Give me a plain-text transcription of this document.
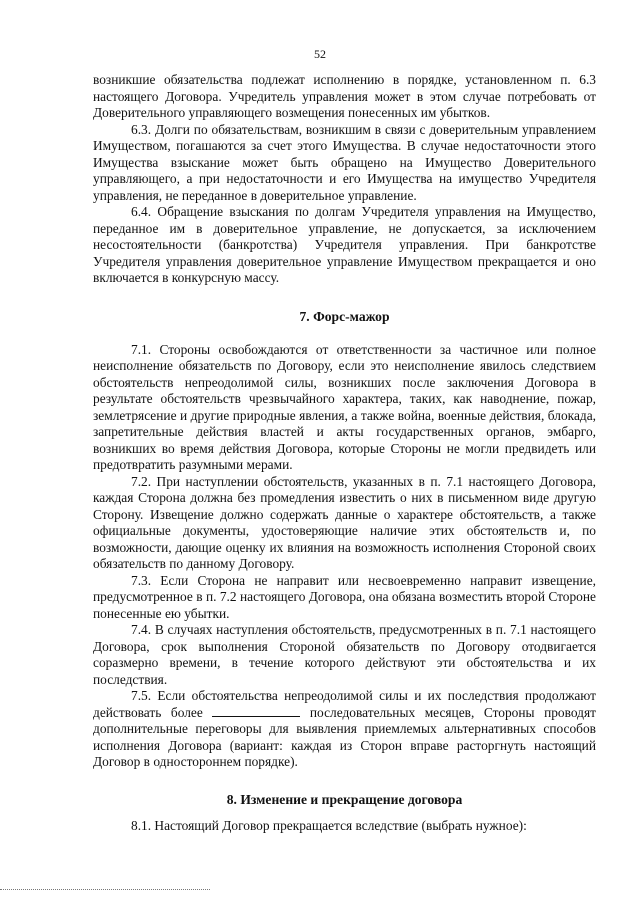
52

возникшие обязательства подлежат исполнению в порядке, установленном п. 6.3 настоящего Договора. Учредитель управления может в этом случае потребовать от Доверительного управляющего возмещения понесенных им убытков.

6.3. Долги по обязательствам, возникшим в связи с доверительным управлением Имуществом, погашаются за счет этого Имущества. В случае недостаточности этого Имущества взыскание может быть обращено на Имущество Доверительного управляющего, а при недостаточности и его Имущества на имущество Учредителя управления, не переданное в доверительное управление.

6.4. Обращение взыскания по долгам Учредителя управления на Имущество, переданное им в доверительное управление, не допускается, за исключением несостоятельности (банкротства) Учредителя управления. При банкротстве Учредителя управления доверительное управление Имуществом прекращается и оно включается в конкурсную массу.

7. Форс-мажор

7.1. Стороны освобождаются от ответственности за частичное или полное неисполнение обязательств по Договору, если это неисполнение явилось следствием обстоятельств непреодолимой силы, возникших после заключения Договора в результате обстоятельств чрезвычайного характера, таких, как наводнение, пожар, землетрясение и другие природные явления, а также война, военные действия, блокада, запретительные действия властей и акты государственных органов, эмбарго, возникших во время действия Договора, которые Стороны не могли предвидеть или предотвратить разумными мерами.

7.2. При наступлении обстоятельств, указанных в п. 7.1 настоящего Договора, каждая Сторона должна без промедления известить о них в письменном виде другую Сторону. Извещение должно содержать данные о характере обстоятельств, а также официальные документы, удостоверяющие наличие этих обстоятельств и, по возможности, дающие оценку их влияния на возможность исполнения Стороной своих обязательств по данному Договору.

7.3. Если Сторона не направит или несвоевременно направит извещение, предусмотренное в п. 7.2 настоящего Договора, она обязана возместить второй Стороне понесенные ею убытки.

7.4. В случаях наступления обстоятельств, предусмотренных в п. 7.1 настоящего Договора, срок выполнения Стороной обязательств по Договору отодвигается соразмерно времени, в течение которого действуют эти обстоятельства и их последствия.

7.5. Если обстоятельства непреодолимой силы и их последствия продолжают действовать более	последовательных месяцев, Стороны проводят дополнительные переговоры для выявления приемлемых альтернативных способов исполнения Договора (вариант: каждая из Сторон вправе расторгнуть настоящий Договор в одностороннем порядке).

8. Изменение и прекращение договора

8.1. Настоящий Договор прекращается вследствие (выбрать нужное):
